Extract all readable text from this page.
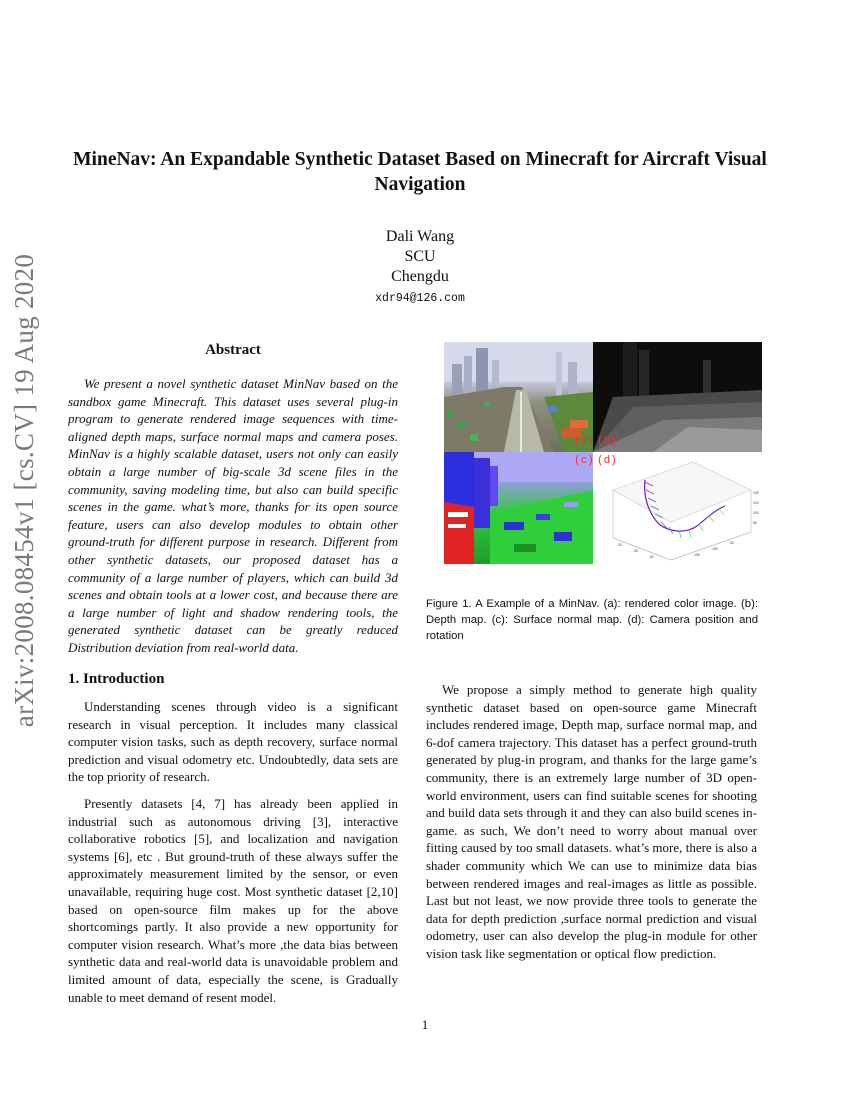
arXiv:2008.08454v1 [cs.CV] 19 Aug 2020
MineNav: An Expandable Synthetic Dataset Based on Minecraft for Aircraft Visual Navigation
Dali Wang
SCU
Chengdu
xdr94@126.com
Abstract

We present a novel synthetic dataset MinNav based on the sandbox game Minecraft. This dataset uses several plug-in program to generate rendered image sequences with time-aligned depth maps, surface normal maps and camera poses. MinNav is a highly scalable dataset, users not only can easily obtain a large number of big-scale 3d scene files in the community, saving modeling time, but also can build specific scenes in the game. what’s more, thanks for its open source feature, users can also develop modules to obtain other ground-truth for different purpose in research. Different from other synthetic datasets, our proposed dataset has a community of a large number of players, which can build 3d scenes and obtain tools at a lower cost, and because there are a large number of light and shadow rendering tools, the generated synthetic dataset can be greatly reduced Distribution deviation from real-world data.

1. Introduction

Understanding scenes through video is a significant research in visual perception. It includes many classical computer vision tasks, such as depth recovery, surface normal prediction and visual odometry etc. Undoubtedly, data sets are the top priority of research.

Presently datasets [4, 7] has already been applied in industrial such as autonomous driving [3], interactive collaborative robotics [5], and localization and navigation systems [6], etc . But ground-truth of these always suffer the approximately measurement limited by the sensor, or even unavailable, requiring huge cost. Most synthetic dataset [2,10] based on open-source film makes up for the above shortcomings partly. It also provide a new opportunity for computer vision research. What’s more ,the data bias between synthetic data and real-world data is unavoidable problem and limited amount of data, especially the scene, is Gradually unable to meet demand of resent model.

140
120
100
80
-20
-40
-60	-150
-100
-50
(a) (b)
(c) (d)
Figure 1. A Example of a MinNav. (a): rendered color image. (b): Depth map. (c): Surface normal map. (d): Camera position and rotation

We propose a simply method to generate high quality synthetic dataset based on open-source game Minecraft includes rendered image, Depth map, surface normal map, and 6-dof camera trajectory. This dataset has a perfect ground-truth generated by plug-in program, and thanks for the large game’s community, there is an extremely large number of 3D open-world environment, users can find suitable scenes for shooting and build data sets through it and they can also build scenes in-game. as such, We don’t need to worry about manual over fitting caused by too small datasets. what’s more, there is also a shader community which We can use to minimize data bias between rendered images and real-images as little as possible. Last but not least, we now provide three tools to generate the data for depth prediction ,surface normal prediction and visual odometry, user can also develop the plug-in module for other vision task like segmentation or optical flow prediction.

1
